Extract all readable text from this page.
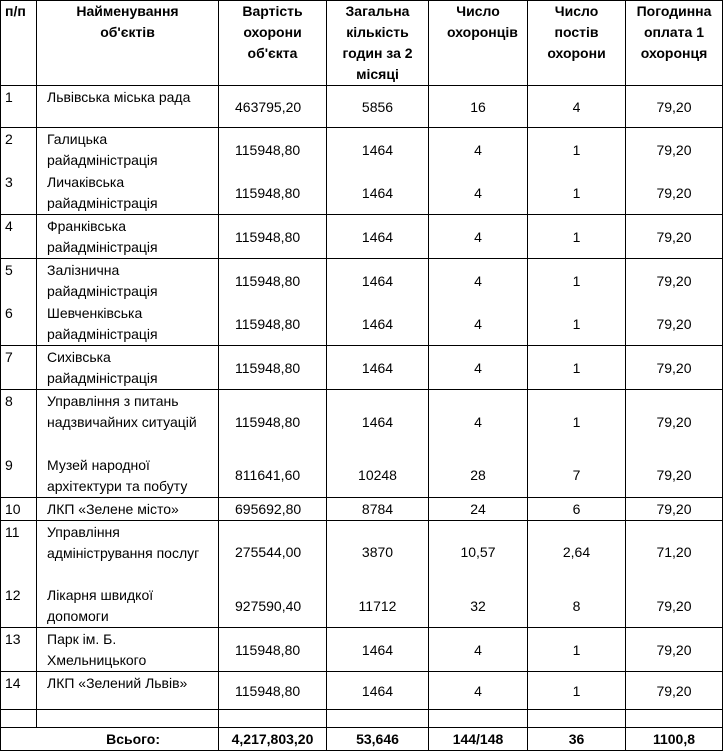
п/п	Найменування об'єктів	Вартість охорони об'єкта	Загальна кількість годин за 2 місяці	Число охоронців	Число постів охорони	Погодинна оплата 1 охоронця
1	Львівська міська рада	463795,20	5856	16	4	79,20
2	Галицька райадміністрація	115948,80	1464	4	1	79,20
3	Личаківська райадміністрація	115948,80	1464	4	1	79,20
4	Франківська райадміністрація	115948,80	1464	4	1	79,20
5	Залізнична райадміністрація	115948,80	1464	4	1	79,20
6	Шевченківська райадміністрація	115948,80	1464	4	1	79,20
7	Сихівська райадміністрація	115948,80	1464	4	1	79,20
8	Управління з питань надзвичайних ситуацій	115948,80	1464	4	1	79,20
9	Музей народної архітектури та побуту	811641,60	10248	28	7	79,20
10	ЛКП «Зелене місто»	695692,80	8784	24	6	79,20
11	Управління адміністрування послуг	275544,00	3870	10,57	2,64	71,20
12	Лікарня швидкої допомоги	927590,40	11712	32	8	79,20
13	Парк ім. Б. Хмельницького	115948,80	1464	4	1	79,20
14	ЛКП «Зелений Львів»	115948,80	1464	4	1	79,20

Всього:		4,217,803,20	53,646	144/148	36	1100,8
